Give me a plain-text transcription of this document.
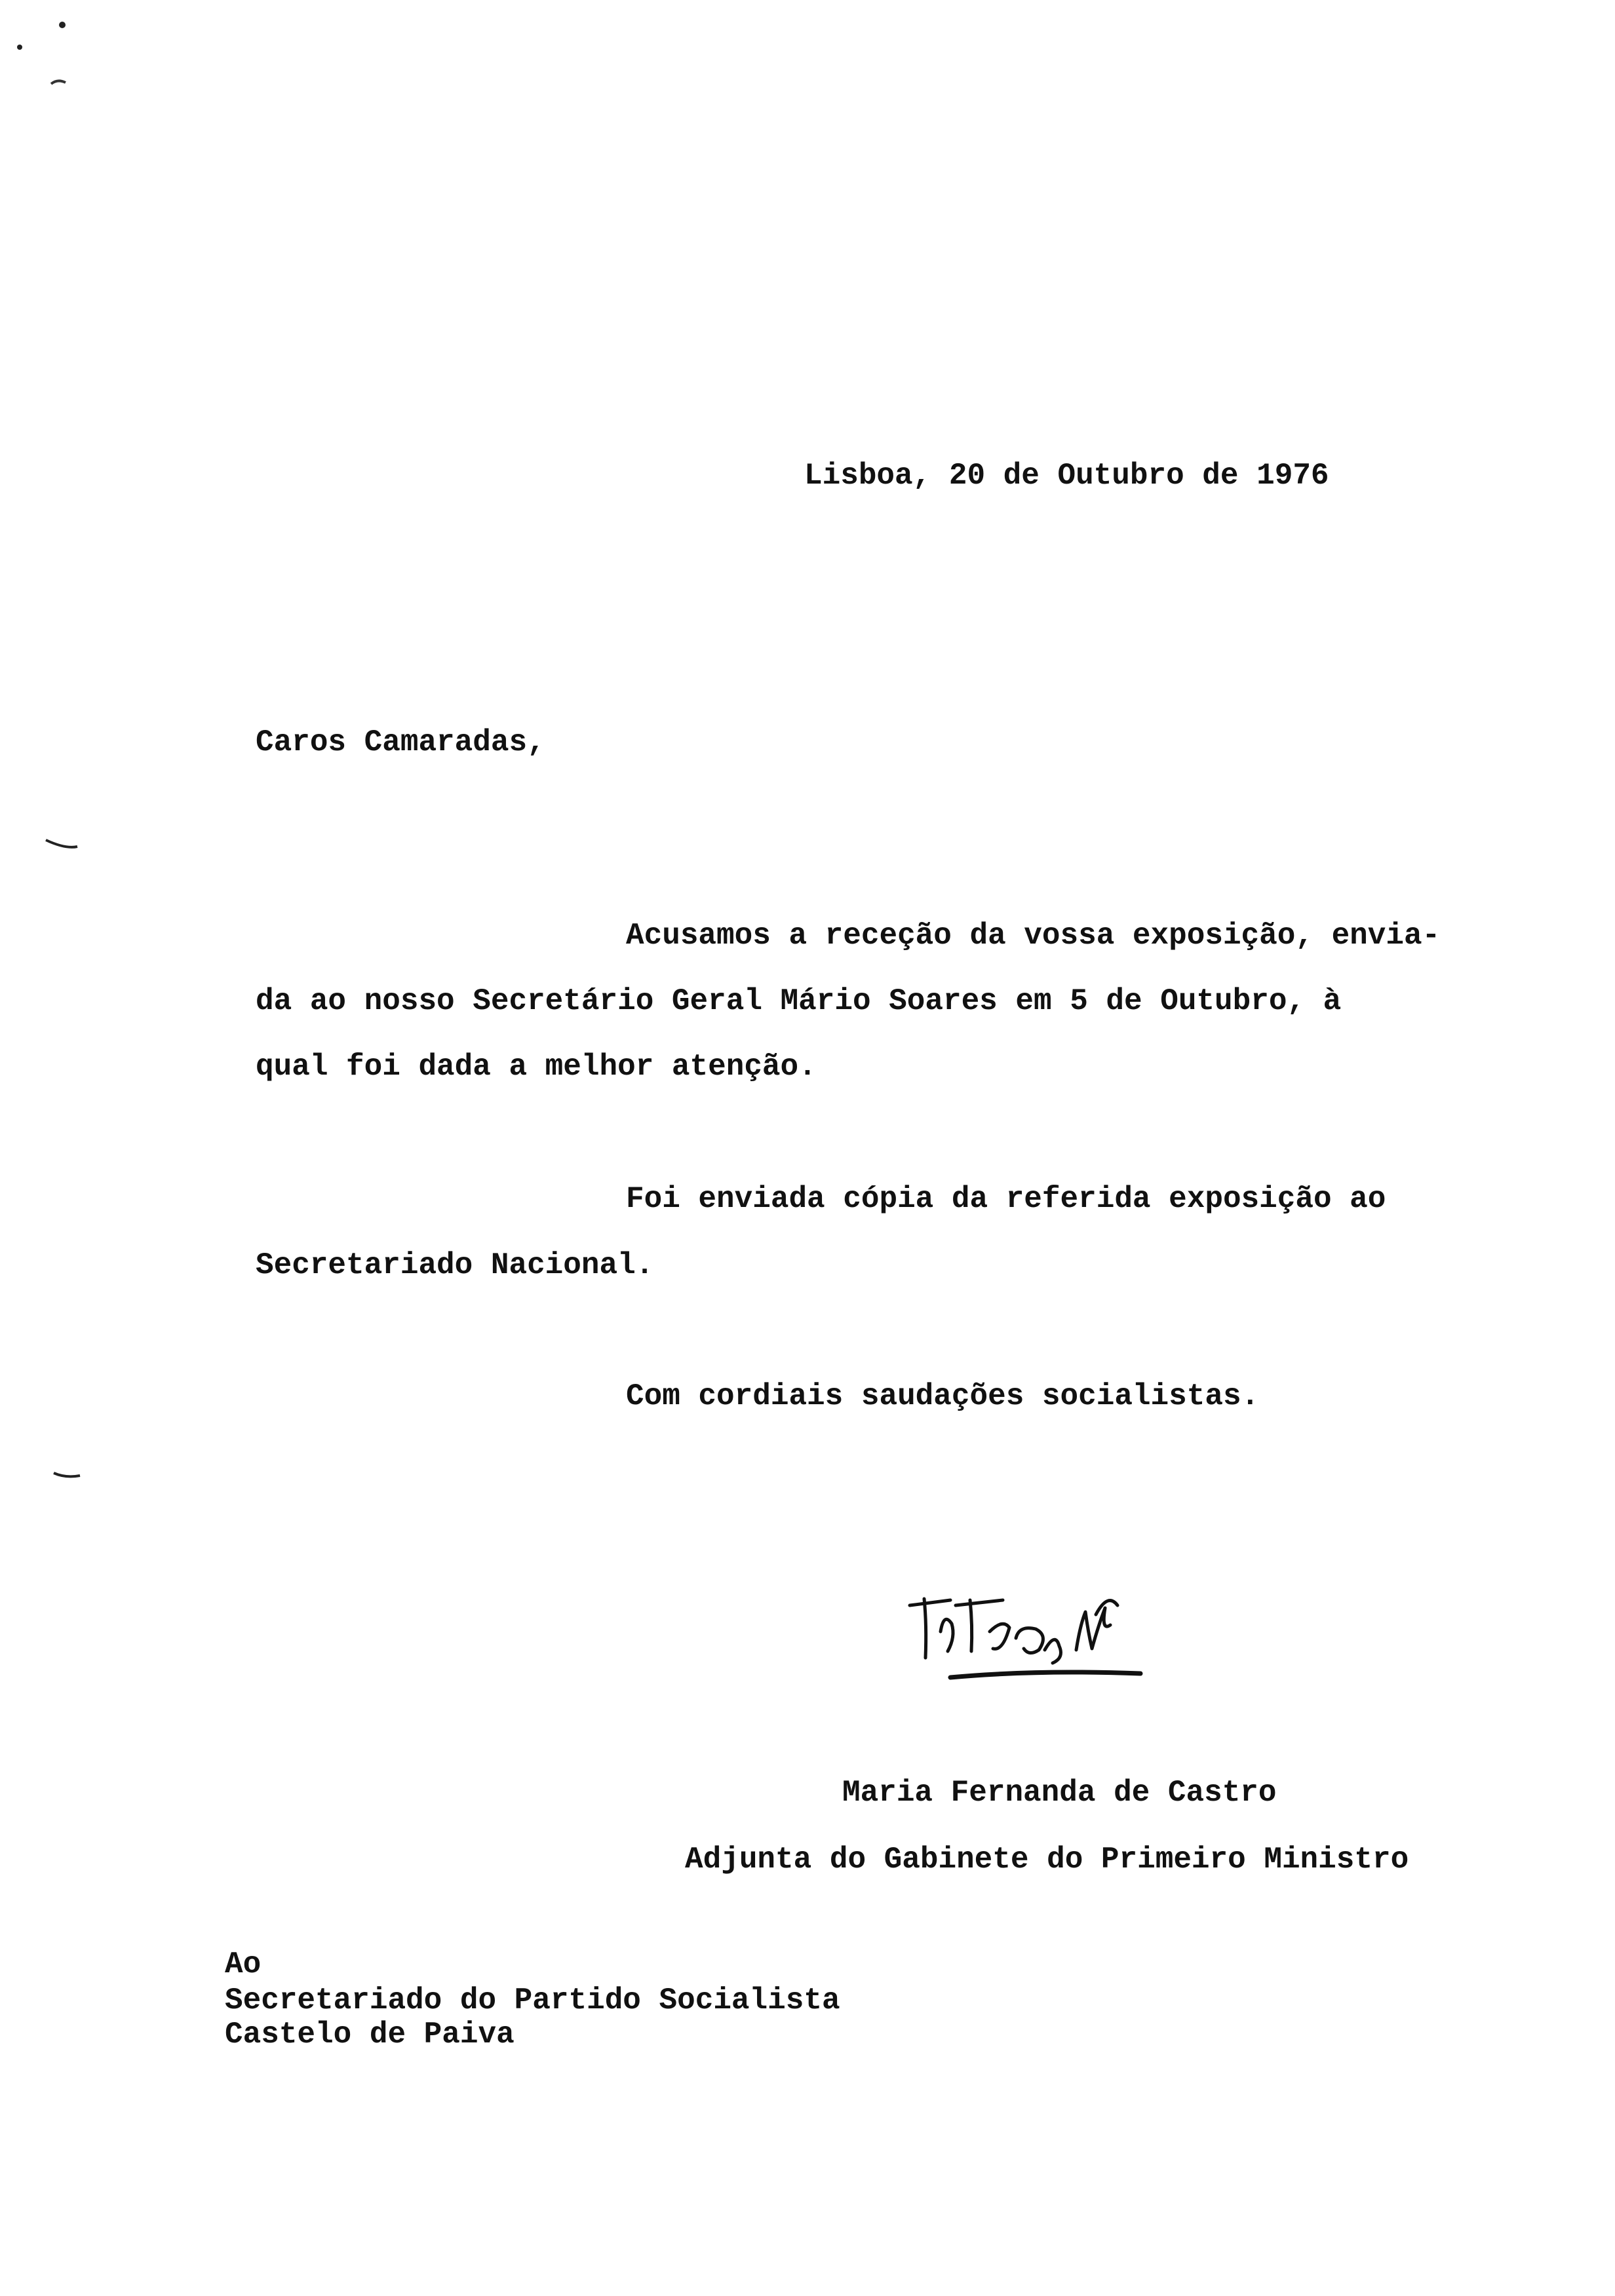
Lisboa, 20 de Outubro de 1976
Caros Camaradas,
Acusamos a receção da vossa exposição, envia-
da ao nosso Secretário Geral Mário Soares em 5 de Outubro, à
qual foi dada a melhor atenção.
Foi enviada cópia da referida exposição ao
Secretariado Nacional.
Com cordiais saudações socialistas.
Maria Fernanda de Castro
Adjunta do Gabinete do Primeiro Ministro
Ao
Secretariado do Partido Socialista
Castelo de Paiva
